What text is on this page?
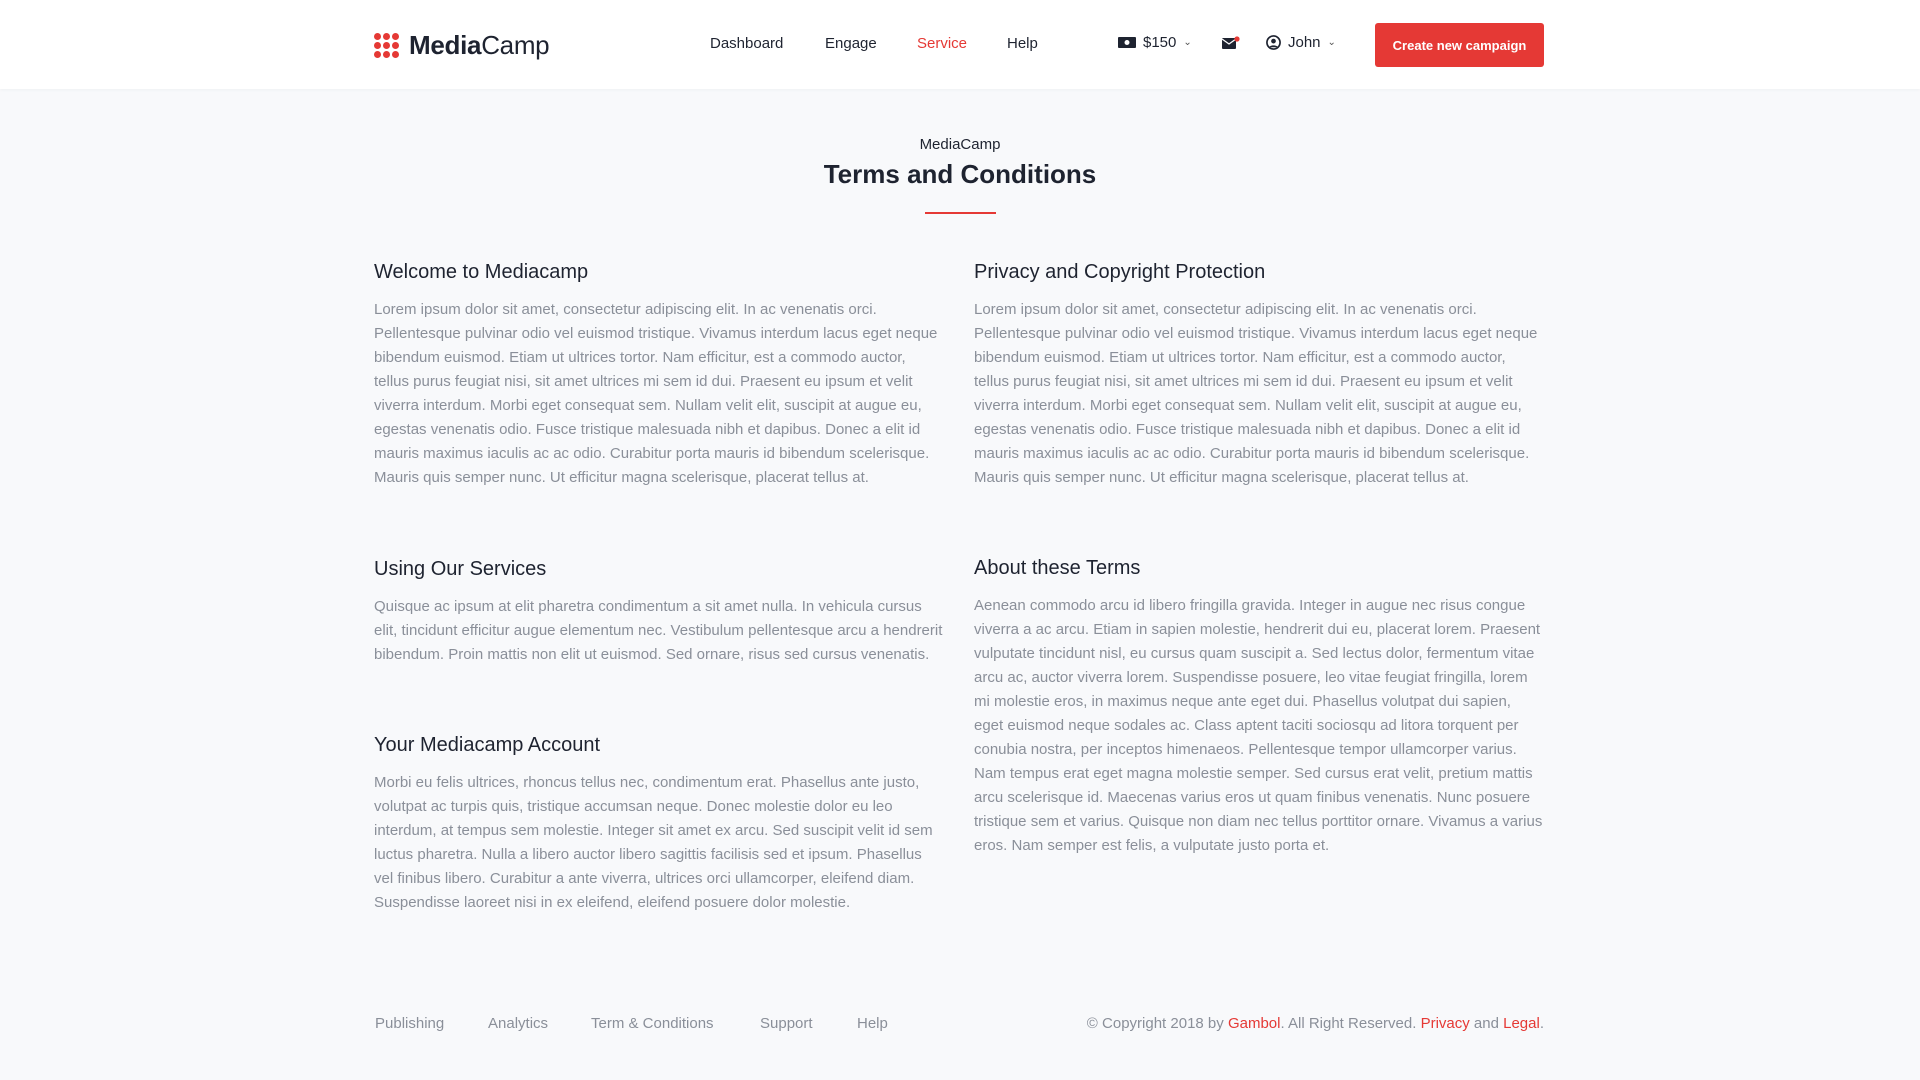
MediaCamp	Dashboard	Engage	Service	Help	$150 ⌄	John ⌄	Create new campaign
MediaCamp
Terms and Conditions
Welcome to Mediacamp

Lorem ipsum dolor sit amet, consectetur adipiscing elit. In ac venenatis orci. Pellentesque pulvinar odio vel euismod tristique. Vivamus interdum lacus eget neque bibendum euismod. Etiam ut ultrices tortor. Nam efficitur, est a commodo auctor, tellus purus feugiat nisi, sit amet ultrices mi sem id dui. Praesent eu ipsum et velit viverra interdum. Morbi eget consequat sem. Nullam velit elit, suscipit at augue eu, egestas venenatis odio. Fusce tristique malesuada nibh et dapibus. Donec a elit id mauris maximus iaculis ac ac odio. Curabitur porta mauris id bibendum scelerisque. Mauris quis semper nunc. Ut efficitur magna scelerisque, placerat tellus at.

Privacy and Copyright Protection

Lorem ipsum dolor sit amet, consectetur adipiscing elit. In ac venenatis orci. Pellentesque pulvinar odio vel euismod tristique. Vivamus interdum lacus eget neque bibendum euismod. Etiam ut ultrices tortor. Nam efficitur, est a commodo auctor, tellus purus feugiat nisi, sit amet ultrices mi sem id dui. Praesent eu ipsum et velit viverra interdum. Morbi eget consequat sem. Nullam velit elit, suscipit at augue eu, egestas venenatis odio. Fusce tristique malesuada nibh et dapibus. Donec a elit id mauris maximus iaculis ac ac odio. Curabitur porta mauris id bibendum scelerisque. Mauris quis semper nunc. Ut efficitur magna scelerisque, placerat tellus at.

Using Our Services

Quisque ac ipsum at elit pharetra condimentum a sit amet nulla. In vehicula cursus elit, tincidunt efficitur augue elementum nec. Vestibulum pellentesque arcu a hendrerit bibendum. Proin mattis non elit ut euismod. Sed ornare, risus sed cursus venenatis.

About these Terms

Aenean commodo arcu id libero fringilla gravida. Integer in augue nec risus congue viverra a ac arcu. Etiam in sapien molestie, hendrerit dui eu, placerat lorem. Praesent vulputate tincidunt nisl, eu cursus quam suscipit a. Sed lectus dolor, fermentum vitae arcu ac, auctor viverra lorem. Suspendisse posuere, leo vitae feugiat fringilla, lorem mi molestie eros, in maximus neque ante eget dui. Phasellus volutpat dui sapien, eget euismod neque sodales ac. Class aptent taciti sociosqu ad litora torquent per conubia nostra, per inceptos himenaeos. Pellentesque tempor ullamcorper varius. Nam tempus erat eget magna molestie semper. Sed cursus erat velit, pretium mattis arcu scelerisque id. Maecenas varius eros ut quam finibus venenatis. Nunc posuere tristique sem et varius. Quisque non diam nec tellus porttitor ornare. Vivamus a varius eros. Nam semper est felis, a vulputate justo porta et.

Your Mediacamp Account

Morbi eu felis ultrices, rhoncus tellus nec, condimentum erat. Phasellus ante justo, volutpat ac turpis quis, tristique accumsan neque. Donec molestie dolor eu leo interdum, at tempus sem molestie. Integer sit amet ex arcu. Sed suscipit velit id sem luctus pharetra. Nulla a libero auctor libero sagittis facilisis sed et ipsum. Phasellus vel finibus libero. Curabitur a ante viverra, ultrices orci ullamcorper, eleifend diam. Suspendisse laoreet nisi in ex eleifend, eleifend posuere dolor molestie.

Publishing	Analytics	Term & Conditions	Support	Help	© Copyright 2018 by Gambol. All Right Reserved. Privacy and Legal.
